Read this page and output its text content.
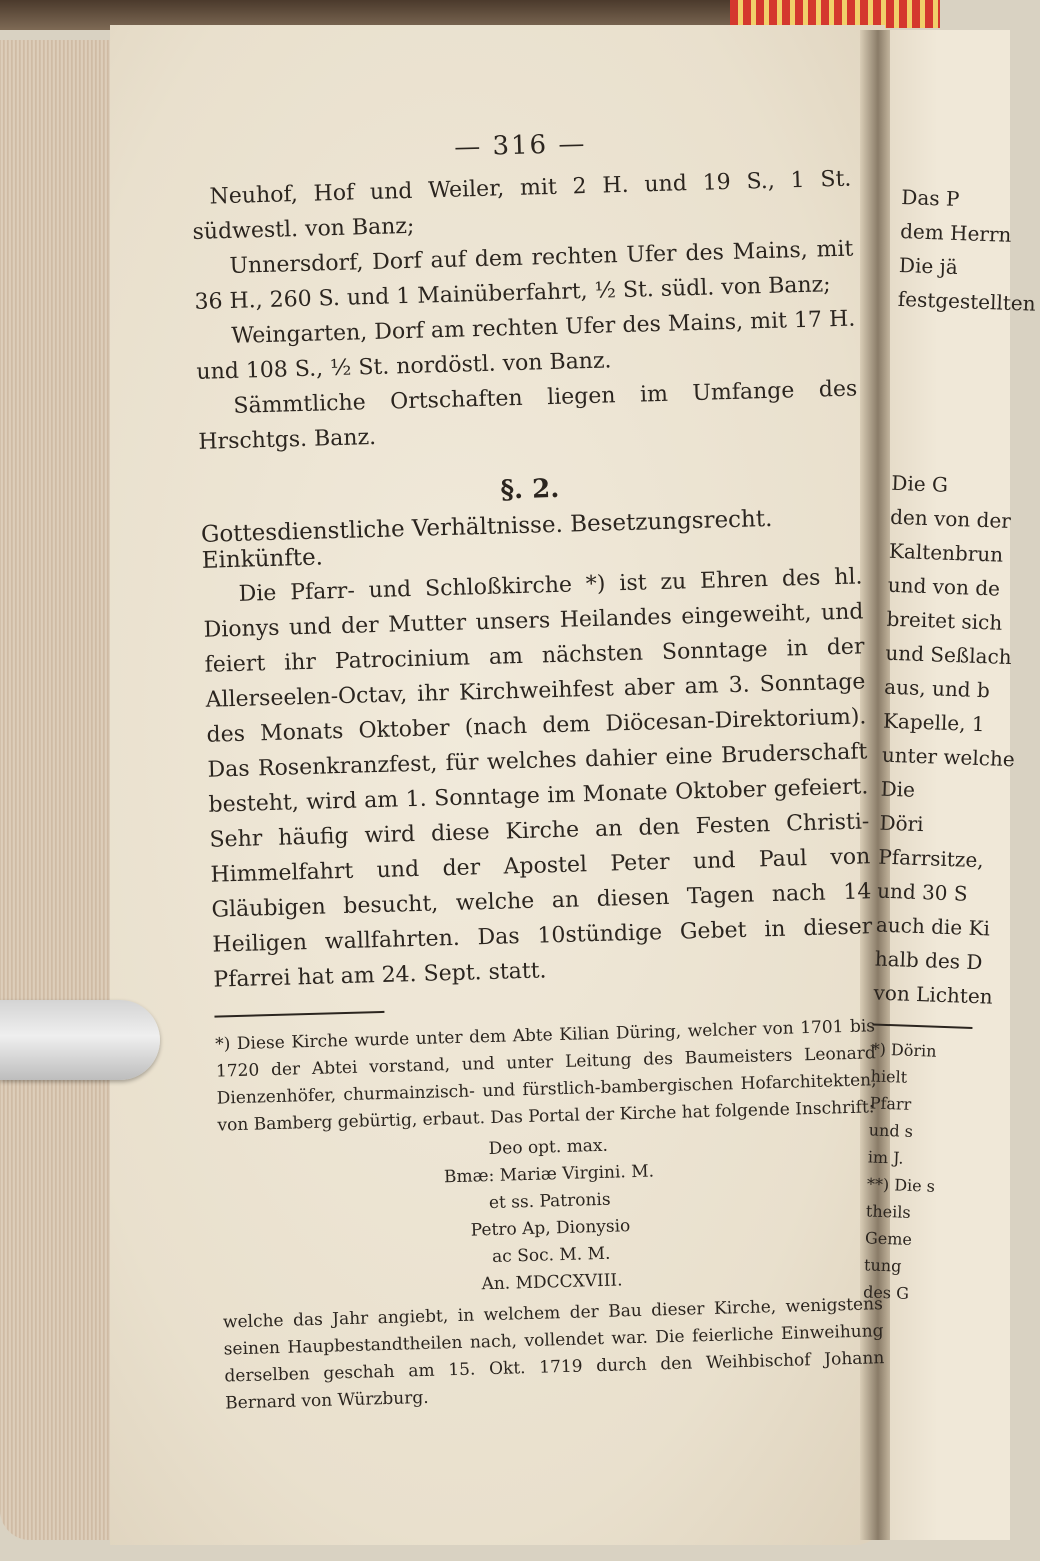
— 316 —

Neuhof, Hof und Weiler, mit 2 H. und 19 S., 1 St. südwestl. von Banz;

Unnersdorf, Dorf auf dem rechten Ufer des Mains, mit 36 H., 260 S. und 1 Mainüberfahrt, ½ St. südl. von Banz;

Weingarten, Dorf am rechten Ufer des Mains, mit 17 H. und 108 S., ½ St. nordöstl. von Banz.

Sämmtliche Ortschaften liegen im Umfange des Hrschtgs. Banz.

§. 2.

Gottesdienstliche Verhältnisse. Besetzungsrecht. Einkünfte.

Die Pfarr- und Schloßkirche *) ist zu Ehren des hl. Dionys und der Mutter unsers Heilandes eingeweiht, und feiert ihr Patrocinium am nächsten Sonntage in der Allerseelen-Octav, ihr Kirchweihfest aber am 3. Sonntage des Monats Oktober (nach dem Diöcesan-Direktorium). Das Rosenkranzfest, für welches dahier eine Bruderschaft besteht, wird am 1. Sonntage im Monate Oktober gefeiert. Sehr häufig wird diese Kirche an den Festen Christi-Himmelfahrt und der Apostel Peter und Paul von Gläubigen besucht, welche an diesen Tagen nach 14 Heiligen wallfahrten. Das 10stündige Gebet in dieser Pfarrei hat am 24. Sept. statt.

*) Diese Kirche wurde unter dem Abte Kilian Düring, welcher von 1701 bis 1720 der Abtei vorstand, und unter Leitung des Baumeisters Leonard Dienzenhöfer, churmainzisch- und fürstlich-bambergischen Hofarchitekten, von Bamberg gebürtig, erbaut. Das Portal der Kirche hat folgende Inschrift:

Deo opt. max.
Bmæ: Mariæ Virgini. M.
et ss. Patronis
Petro Ap, Dionysio
ac Soc. M. M.
An. MDCCXVIII.

welche das Jahr angiebt, in welchem der Bau dieser Kirche, wenigstens seinen Haupbestandtheilen nach, vollendet war. Die feierliche Einweihung derselben geschah am 15. Okt. 1719 durch den Weihbischof Johann Bernard von Würzburg.

Das P
dem Herrn
Die jä
festgestellten
Die G
den von der
Kaltenbrun
und von de
breitet sich
und Seßlach
aus, und b
Kapelle, 1
unter welche
Die
Döri
Pfarrsitze,
und 30 S
auch die Ki
halb des D
von Lichten
*) Dörin
hielt
Pfarr
und s
im J.
**) Die s
theils
Geme
tung
des G
